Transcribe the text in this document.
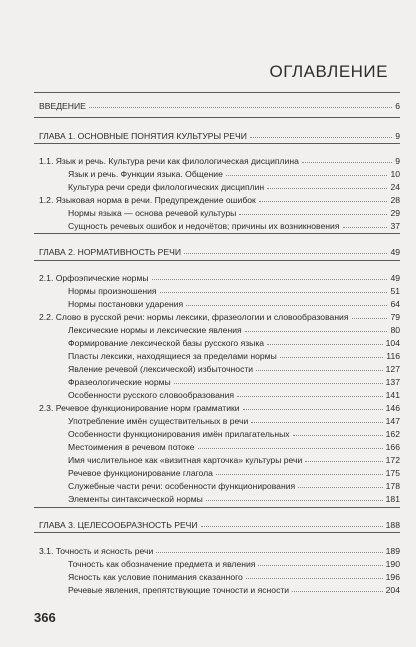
ОГЛАВЛЕНИЕ
ВВЕДЕНИЕ	6
ГЛАВА 1. ОСНОВНЫЕ ПОНЯТИЯ КУЛЬТУРЫ РЕЧИ	9
1.1. Язык и речь. Культура речи как филологическая дисциплина	9
Язык и речь. Функции языка. Общение	10
Культура речи среди филологических дисциплин	24
1.2. Языковая норма в речи. Предупреждение ошибок	28
Нормы языка — основа речевой культуры	29
Сущность речевых ошибок и недочётов; причины их возникновения	37
ГЛАВА 2. НОРМАТИВНОСТЬ РЕЧИ	49
2.1. Орфоэпические нормы	49
Нормы произношения	51
Нормы постановки ударения	64
2.2. Слово в русской речи: нормы лексики, фразеологии и словообразования	79
Лексические нормы и лексические явления	80
Формирование лексической базы русского языка	104
Пласты лексики, находящиеся за пределами нормы	116
Явление речевой (лексической) избыточности	127
Фразеологические нормы	137
Особенности русского словообразования	141
2.3. Речевое функционирование норм грамматики	146
Употребление имён существительных в речи	147
Особенности функционирования имён прилагательных	162
Местоимения в речевом потоке	166
Имя числительное как «визитная карточка» культуры речи	172
Речевое функционирование глагола	175
Служебные части речи: особенности функционирования	178
Элементы синтаксической нормы	181
ГЛАВА 3. ЦЕЛЕСООБРАЗНОСТЬ РЕЧИ	188
3.1. Точность и ясность речи	189
Точность как обозначение предмета и явления	190
Ясность как условие понимания сказанного	196
Речевые явления, препятствующие точности и ясности	204
366
